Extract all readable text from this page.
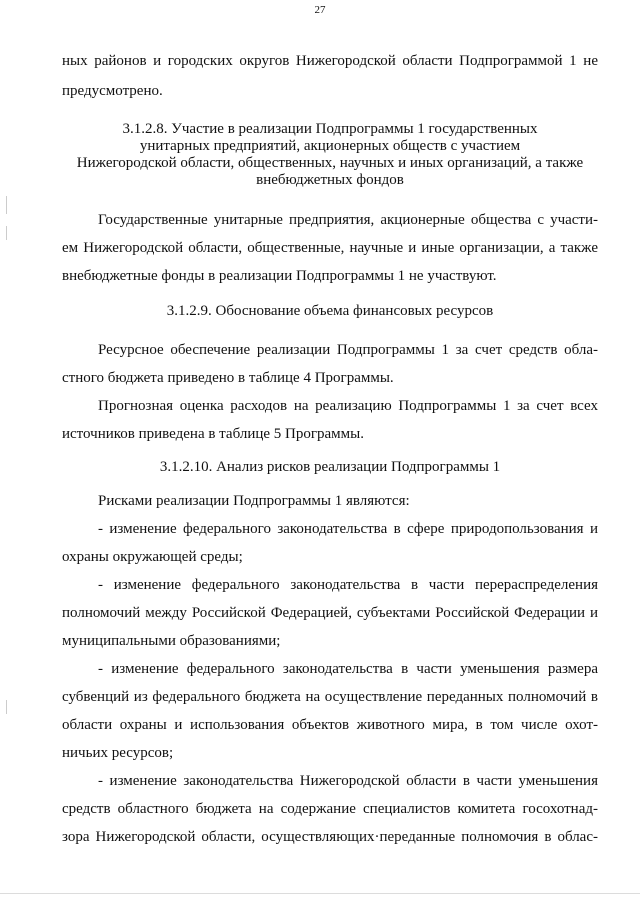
27
ных районов и городских округов Нижегородской области Подпрограммой 1 не
предусмотрено.
3.1.2.8. Участие в реализации Подпрограммы 1 государственных
унитарных предприятий, акционерных обществ с участием
Нижегородской области, общественных, научных и иных организаций, а также
внебюджетных фондов
Государственные унитарные предприятия, акционерные общества с участи-
ем Нижегородской области, общественные, научные и иные организации, а также
внебюджетные фонды в реализации Подпрограммы 1 не участвуют.
3.1.2.9. Обоснование объема финансовых ресурсов
Ресурсное обеспечение реализации Подпрограммы 1 за счет средств обла-
стного бюджета приведено в таблице 4 Программы.
Прогнозная оценка расходов на реализацию Подпрограммы 1 за счет всех
источников приведена в таблице 5 Программы.
3.1.2.10. Анализ рисков реализации Подпрограммы 1
Рисками реализации Подпрограммы 1 являются:
- изменение федерального законодательства в сфере природопользования и
охраны окружающей среды;
- изменение федерального законодательства в части перераспределения
полномочий между Российской Федерацией, субъектами Российской Федерации и
муниципальными образованиями;
- изменение федерального законодательства в части уменьшения размера
субвенций из федерального бюджета на осуществление переданных полномочий в
области охраны и использования объектов животного мира, в том числе охот-
ничьих ресурсов;
- изменение законодательства Нижегородской области в части уменьшения
средств областного бюджета на содержание специалистов комитета госохотнад-
зора Нижегородской области, осуществляющих·переданные полномочия в облас-
